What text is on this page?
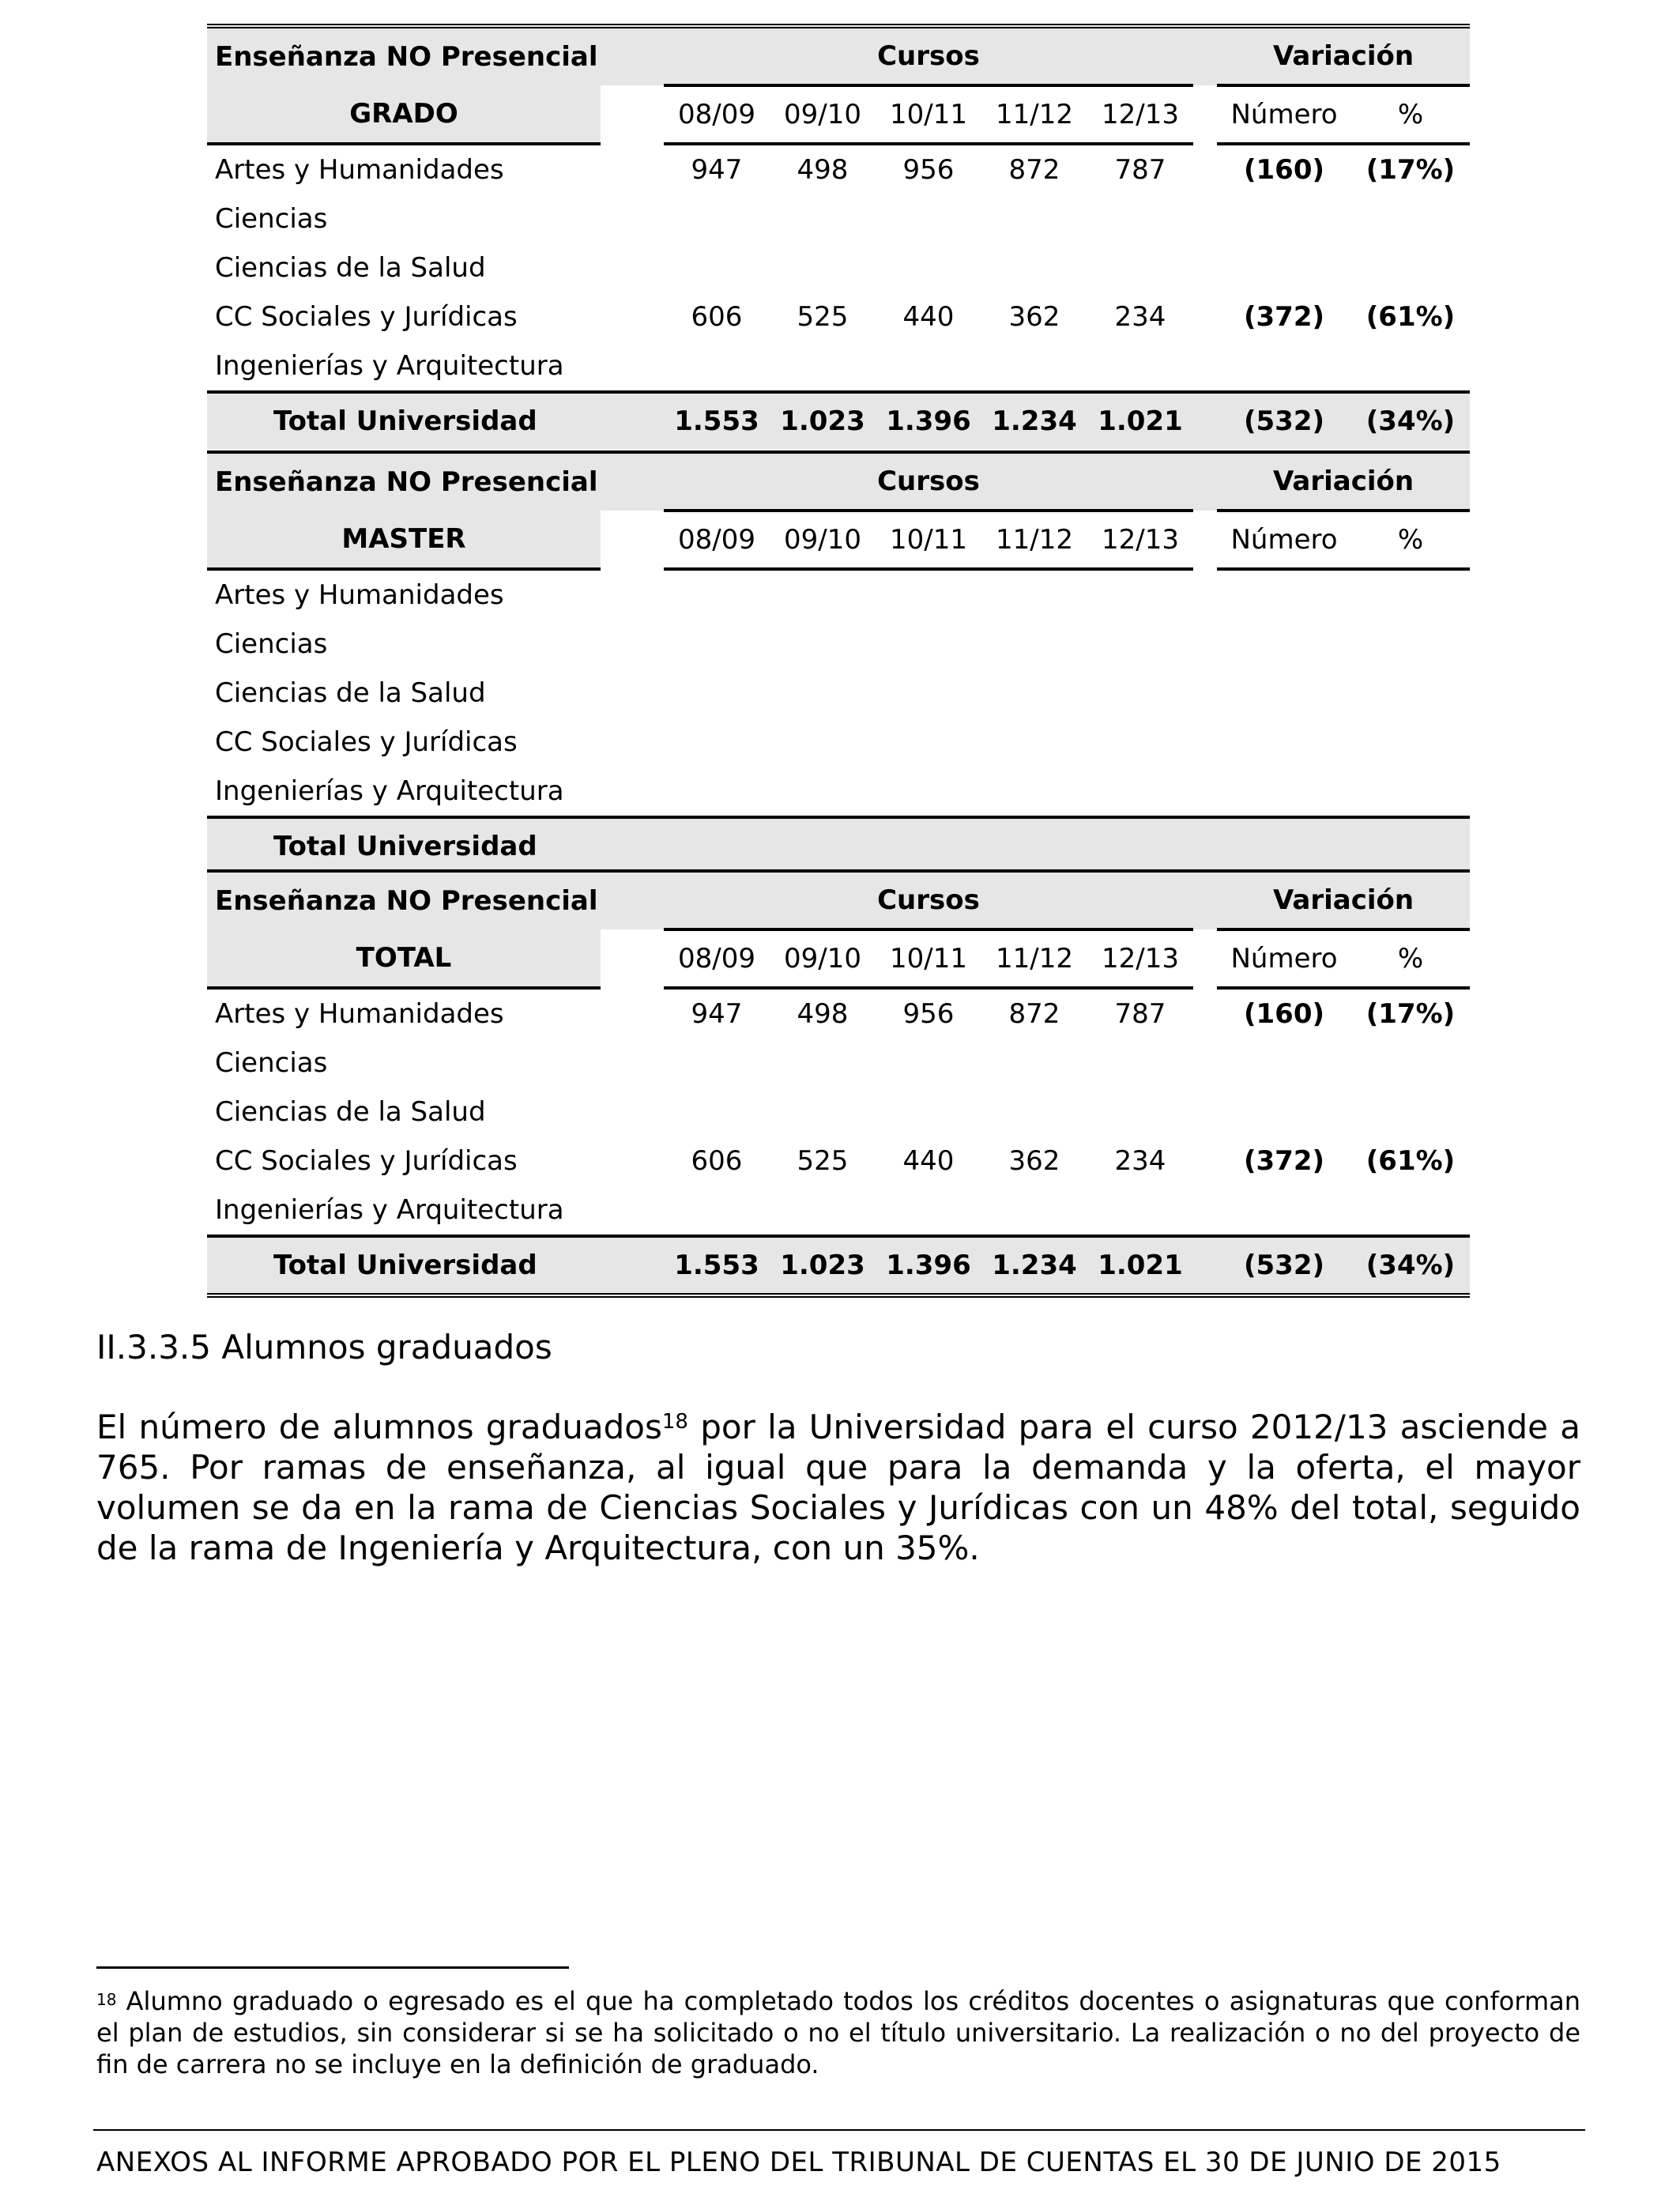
Enseñanza NO Presencial		Cursos						Variación	
GRADO		08/09	09/10	10/11	11/12	12/13		Número	%
Artes y Humanidades		947	498	956	872	787		(160)	(17%)
Ciencias									
Ciencias de la Salud									
CC Sociales y Jurídicas		606	525	440	362	234		(372)	(61%)
Ingenierías y Arquitectura									
Total Universidad		1.553	1.023	1.396	1.234	1.021		(532)	(34%)
Enseñanza NO Presencial		Cursos						Variación	
MASTER		08/09	09/10	10/11	11/12	12/13		Número	%
Artes y Humanidades									
Ciencias									
Ciencias de la Salud									
CC Sociales y Jurídicas									
Ingenierías y Arquitectura									
Total Universidad									
Enseñanza NO Presencial		Cursos						Variación	
TOTAL		08/09	09/10	10/11	11/12	12/13		Número	%
Artes y Humanidades		947	498	956	872	787		(160)	(17%)
Ciencias									
Ciencias de la Salud									
CC Sociales y Jurídicas		606	525	440	362	234		(372)	(61%)
Ingenierías y Arquitectura									
Total Universidad		1.553	1.023	1.396	1.234	1.021		(532)	(34%)
II.3.3.5 Alumnos graduados
El número de alumnos graduados$^{18}$ por la Universidad para el curso 2012/13 asciende a 765. Por ramas de enseñanza, al igual que para la demanda y la oferta, el mayor volumen se da en la rama de Ciencias Sociales y Jurídicas con un 48% del total, seguido de la rama de Ingeniería y Arquitectura, con un 35%.
$^{18}$ Alumno graduado o egresado es el que ha completado todos los créditos docentes o asignaturas que conforman el plan de estudios, sin considerar si se ha solicitado o no el título universitario. La realización o no del proyecto de fin de carrera no se incluye en la definición de graduado.
ANEXOS AL INFORME APROBADO POR EL PLENO DEL TRIBUNAL DE CUENTAS EL 30 DE JUNIO DE 2015
